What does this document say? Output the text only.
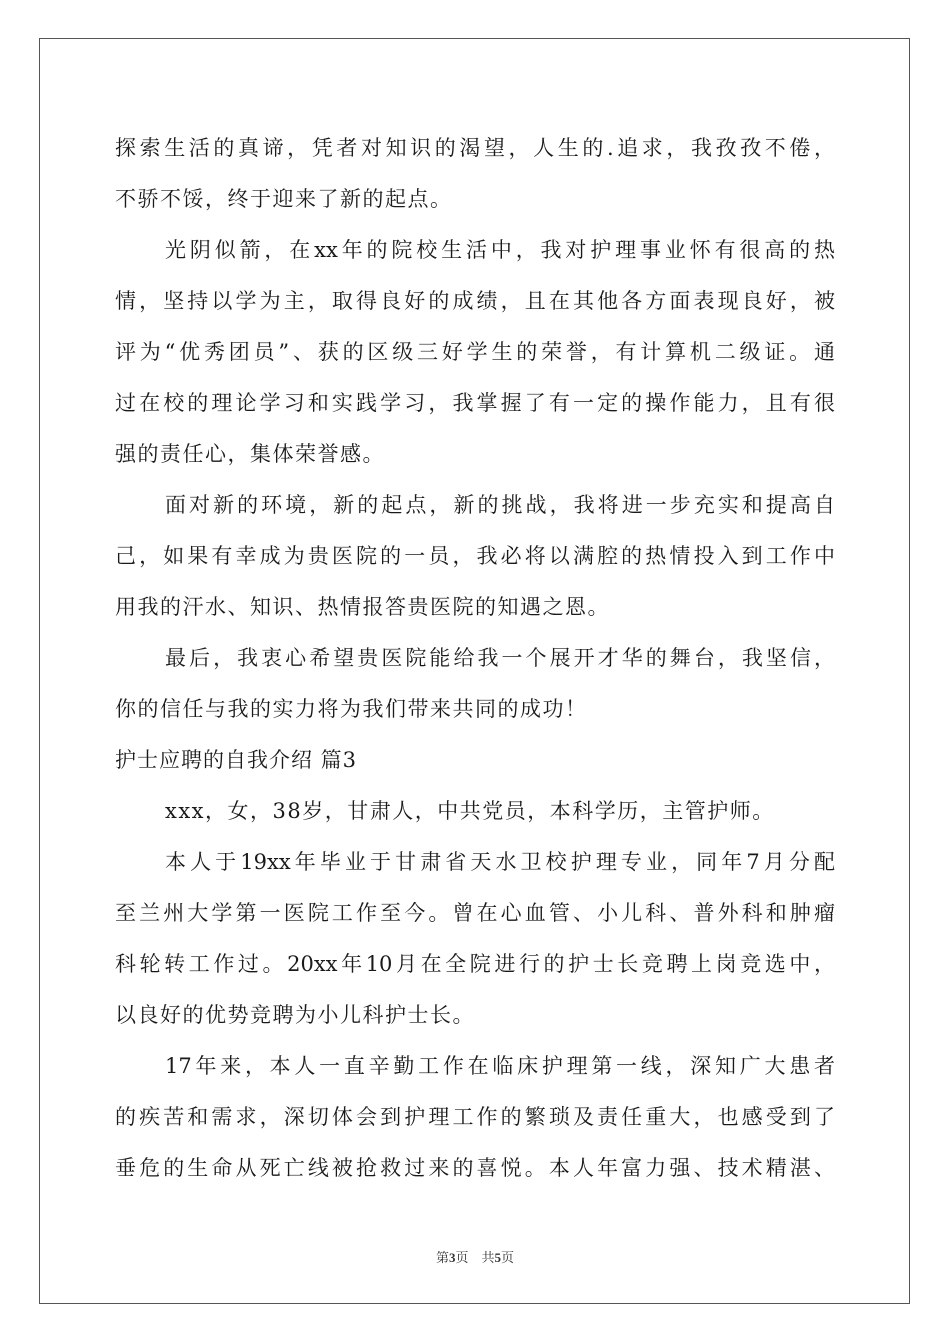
探索生活的真谛，凭者对知识的渴望，人生的.追求，我孜孜不倦，

不骄不馁，终于迎来了新的起点。

光阴似箭，在xx年的院校生活中，我对护理事业怀有很高的热

情，坚持以学为主，取得良好的成绩，且在其他各方面表现良好，被

评为“优秀团员”、获的区级三好学生的荣誉，有计算机二级证。通

过在校的理论学习和实践学习，我掌握了有一定的操作能力，且有很

强的责任心，集体荣誉感。

面对新的环境，新的起点，新的挑战，我将进一步充实和提高自

己，如果有幸成为贵医院的一员，我必将以满腔的热情投入到工作中

用我的汗水、知识、热情报答贵医院的知遇之恩。

最后，我衷心希望贵医院能给我一个展开才华的舞台，我坚信，

你的信任与我的实力将为我们带来共同的成功！

护士应聘的自我介绍 篇3

xxx，女，38岁，甘肃人，中共党员，本科学历，主管护师。

本人于19xx年毕业于甘肃省天水卫校护理专业，同年7月分配

至兰州大学第一医院工作至今。曾在心血管、小儿科、普外科和肿瘤

科轮转工作过。20xx年10月在全院进行的护士长竞聘上岗竞选中，

以良好的优势竞聘为小儿科护士长。

17年来，本人一直辛勤工作在临床护理第一线，深知广大患者

的疾苦和需求，深切体会到护理工作的繁琐及责任重大，也感受到了

垂危的生命从死亡线被抢救过来的喜悦。本人年富力强、技术精湛、

第3页　共5页
